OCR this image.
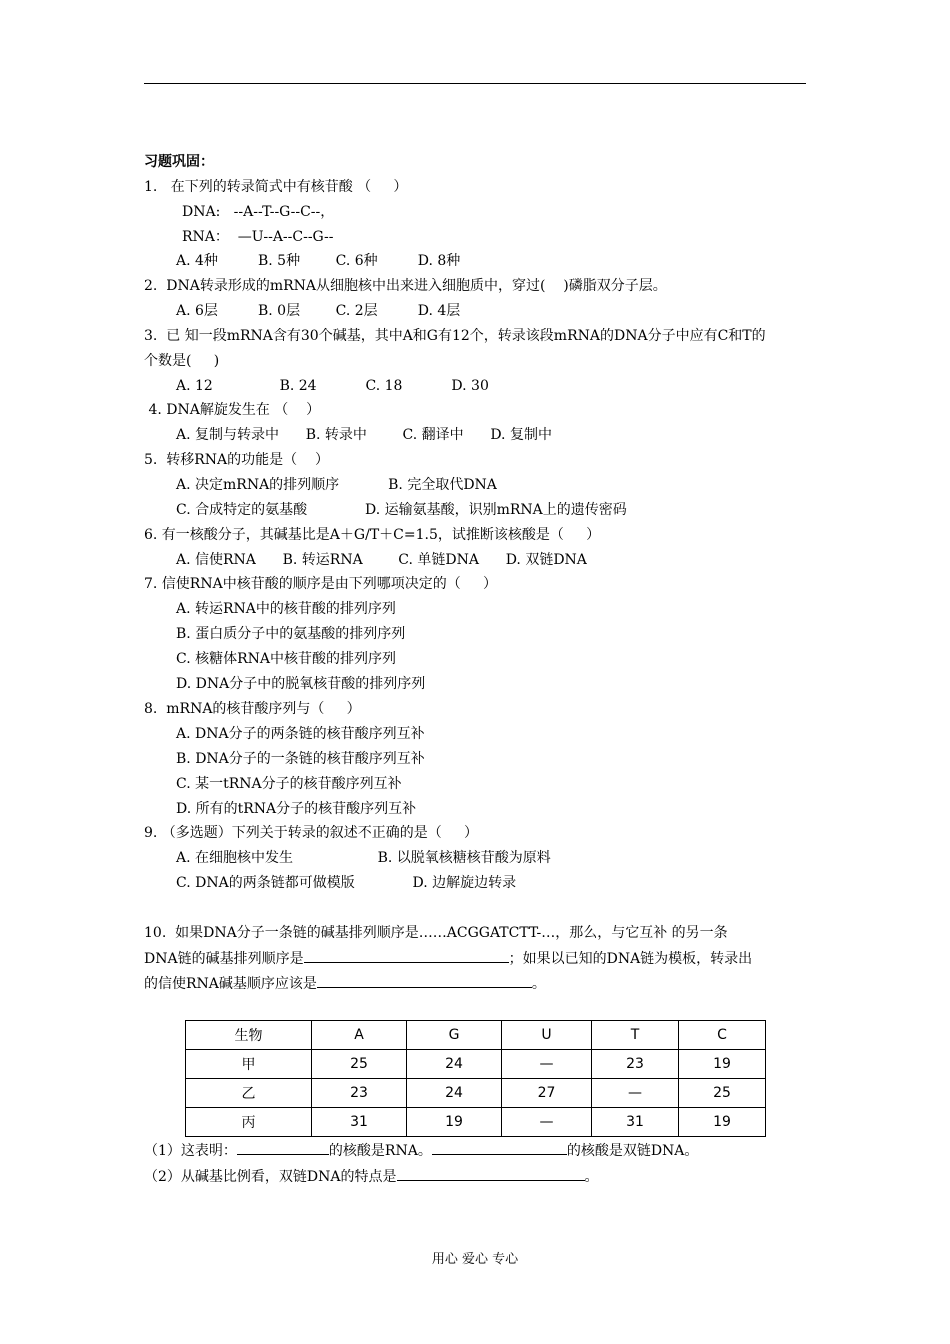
习题巩固：
1.   在下列的转录简式中有核苷酸 （     ）
DNA:   --A--T--G--C--，
RNA：  —U--A--C--G--
A. 4种         B. 5种        C. 6种         D. 8种
2.  DNA转录形成的mRNA从细胞核中出来进入细胞质中，穿过(    )磷脂双分子层。
A. 6层         B. 0层        C. 2层         D. 4层
3.  已 知一段mRNA含有30个碱基，其中A和G有12个，转录该段mRNA的DNA分子中应有C和T的
个数是(     )
A. 12               B. 24           C. 18           D. 30
4. DNA解旋发生在 （    ）
A. 复制与转录中      B. 转录中        C. 翻译中      D. 复制中
5.  转移RNA的功能是（    ）
A. 决定mRNA的排列顺序           B. 完全取代DNA
C. 合成特定的氨基酸             D. 运输氨基酸，识别mRNA上的遗传密码
6. 有一核酸分子，其碱基比是A＋G/T＋C=1.5，试推断该核酸是（     ）
A. 信使RNA      B. 转运RNA        C. 单链DNA      D. 双链DNA
7. 信使RNA中核苷酸的顺序是由下列哪项决定的（     ）
A. 转运RNA中的核苷酸的排列序列
B. 蛋白质分子中的氨基酸的排列序列
C. 核糖体RNA中核苷酸的排列序列
D. DNA分子中的脱氧核苷酸的排列序列
8.  mRNA的核苷酸序列与（     ）
A. DNA分子的两条链的核苷酸序列互补
B. DNA分子的一条链的核苷酸序列互补
C. 某一tRNA分子的核苷酸序列互补
D. 所有的tRNA分子的核苷酸序列互补
9. （多选题）下列关于转录的叙述不正确的是（     ）
A. 在细胞核中发生                   B. 以脱氧核糖核苷酸为原料
C. DNA的两条链都可做模版             D. 边解旋边转录
10.  如果DNA分子一条链的碱基排列顺序是……ACGGATCTT-…，那么，与它互补 的另一条
DNA链的碱基排列顺序是	；如果以已知的DNA链为模板，转录出
的信使RNA碱基顺序应该是	。
生物	A	G	U	T	C
甲	25	24	—	23	19
乙	23	24	27	—	25
丙	31	19	—	31	19
（1）这表明：	的核酸是RNA。	的核酸是双链DNA。
（2）从碱基比例看，双链DNA的特点是	。
用心 爱心 专心
